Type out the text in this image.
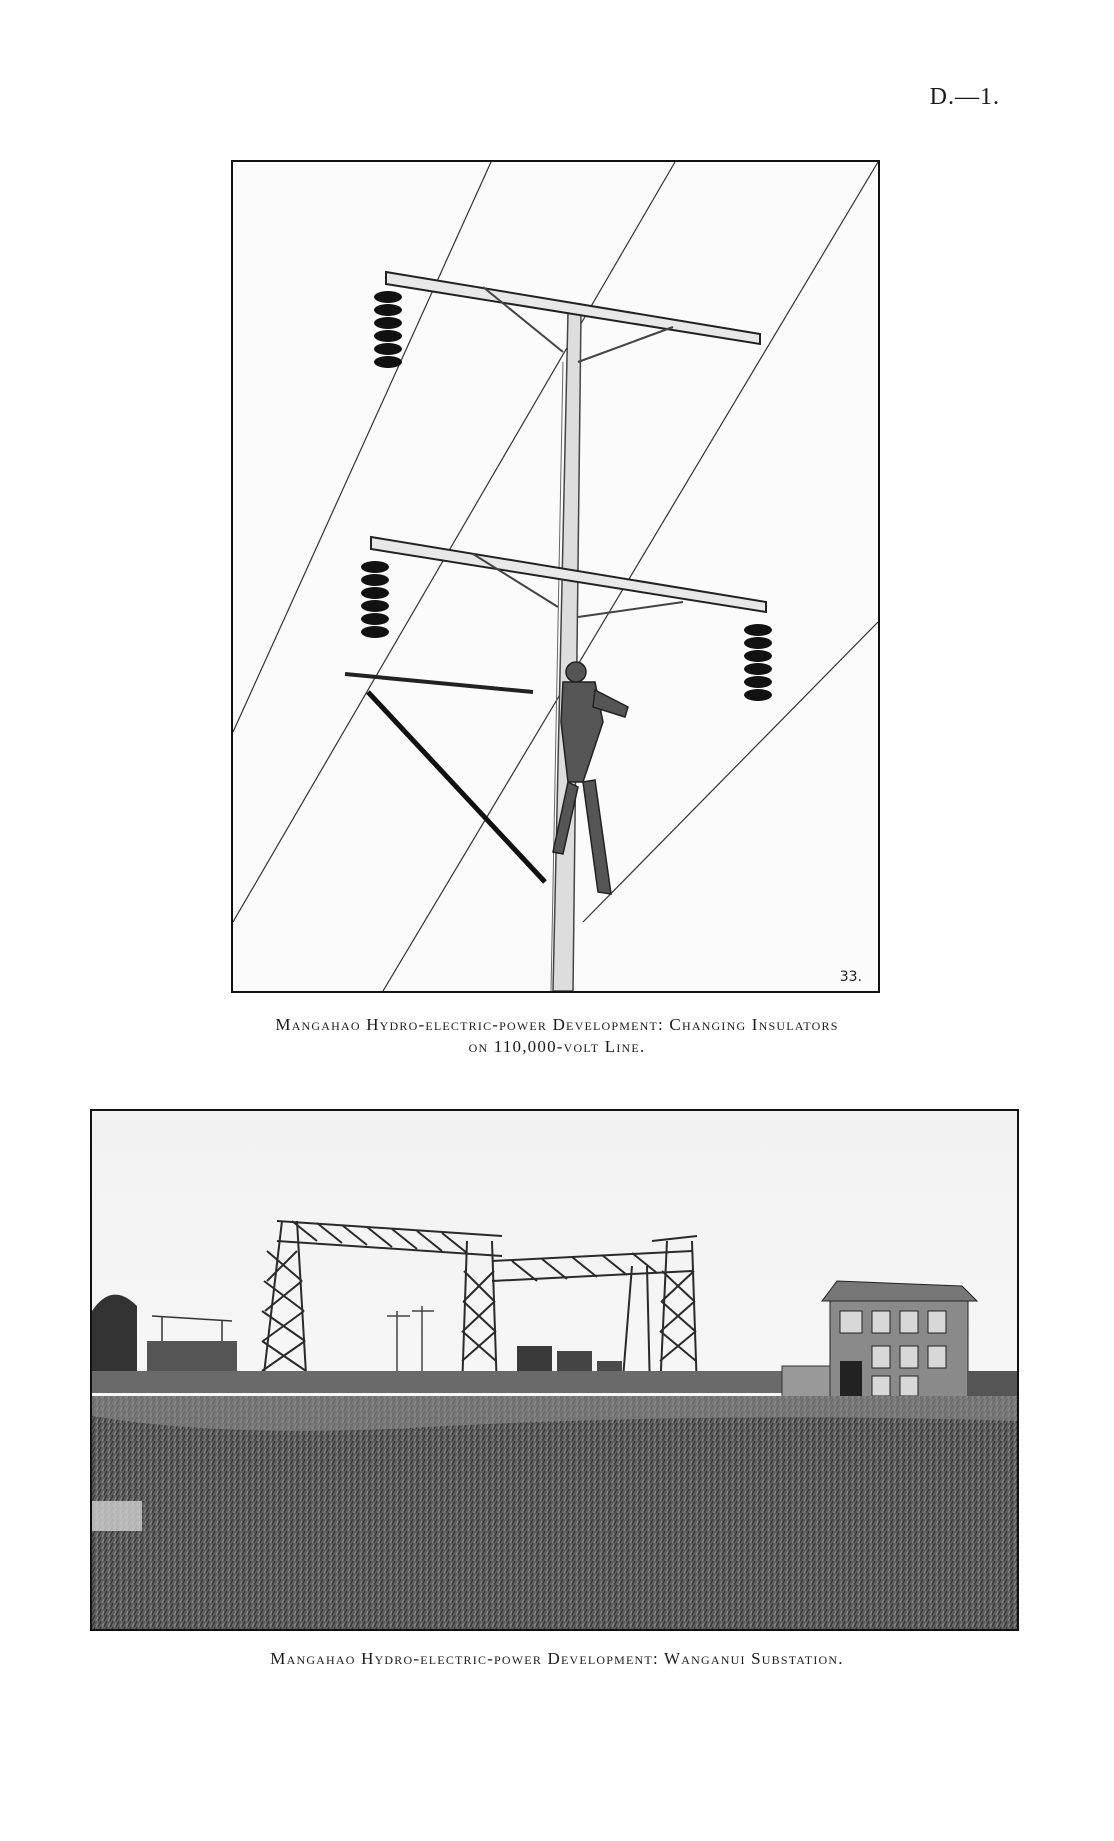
D.—1.
33.
Mangahao Hydro-electric-power Development: Changing Insulators
on 110,000-volt Line.
Mangahao Hydro-electric-power Development: Wanganui Substation.
